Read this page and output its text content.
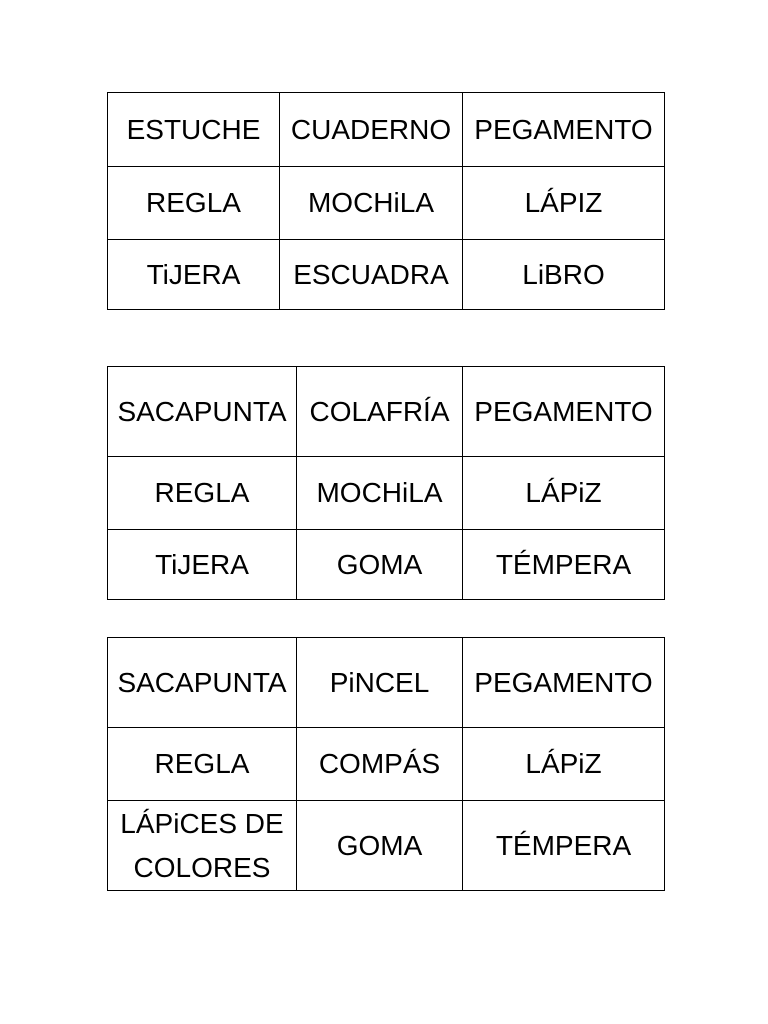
ESTUCHE	CUADERNO	PEGAMENTO
REGLA	MOCHiLA	LÁPIZ
TiJERA	ESCUADRA	LiBRO
SACAPUNTA	COLAFRÍA	PEGAMENTO
REGLA	MOCHiLA	LÁPiZ
TiJERA	GOMA	TÉMPERA
SACAPUNTA	PiNCEL	PEGAMENTO
REGLA	COMPÁS	LÁPiZ
LÁPiCES DE COLORES	GOMA	TÉMPERA
